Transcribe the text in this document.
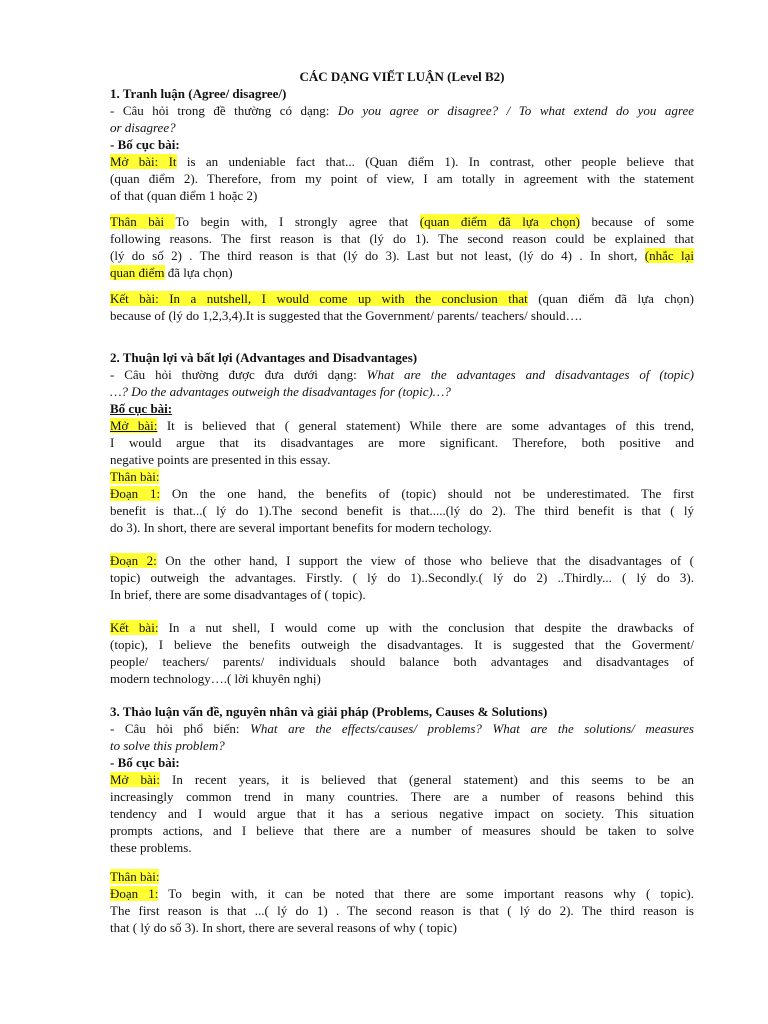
CÁC DẠNG VIẾT LUẬN (Level B2)
1. Tranh luận (Agree/ disagree/)
- Câu hỏi trong đề thường có dạng: Do you agree or disagree? / To what extend do you agree
or disagree?
- Bố cục bài:
Mở bài: It is an undeniable fact that... (Quan điểm 1). In contrast, other people believe that
(quan điểm 2). Therefore, from my point of view, I am totally in agreement with the statement
of that (quan điểm 1 hoặc 2)
Thân bài To begin with, I strongly agree that (quan điểm đã lựa chọn) because of some
following reasons. The first reason is that (lý do 1). The second reason could be explained that
(lý do số 2) . The third reason is that (lý do 3). Last but not least, (lý do 4) . In short, (nhắc lại
quan điểm đã lựa chọn)
Kết bài: In a nutshell, I would come up with the conclusion that (quan điểm đã lựa chọn)
because of (lý do 1,2,3,4).It is suggested that the Government/ parents/ teachers/ should….
2. Thuận lợi và bất lợi (Advantages and Disadvantages)
- Câu hỏi thường được đưa dưới dạng: What are the advantages and disadvantages of (topic)
…? Do the advantages outweigh the disadvantages for (topic)…?
Bố cục bài:
Mở bài: It is believed that ( general statement) While there are some advantages of this trend,
I would argue that its disadvantages are more significant. Therefore, both positive and
negative points are presented in this essay.
Thân bài:
Đoạn 1: On the one hand, the benefits of (topic) should not be underestimated. The first
benefit is that...( lý do 1).The second benefit is that.....(lý do 2). The third benefit is that ( lý
do 3). In short, there are several important benefits for modern techology.
Đoạn 2: On the other hand, I support the view of those who believe that the disadvantages of (
topic) outweigh the advantages. Firstly. ( lý do 1)..Secondly.( lý do 2) ..Thirdly... ( lý do 3).
In brief, there are some disadvantages of ( topic).
Kết bài: In a nut shell, I would come up with the conclusion that despite the drawbacks of
(topic), I believe the benefits outweigh the disadvantages. It is suggested that the Goverment/
people/ teachers/ parents/ individuals should balance both advantages and disadvantages of
modern technology….( lời khuyên nghị)
3. Thảo luận vấn đề, nguyên nhân và giải pháp (Problems, Causes & Solutions)
- Câu hỏi phổ biến: What are the effects/causes/ problems? What are the solutions/ measures
to solve this problem?
- Bố cục bài:
Mở bài: In recent years, it is believed that (general statement) and this seems to be an
increasingly common trend in many countries. There are a number of reasons behind this
tendency and I would argue that it has a serious negative impact on society. This situation
prompts actions, and I believe that there are a number of measures should be taken to solve
these problems.
Thân bài:
Đoạn 1: To begin with, it can be noted that there are some important reasons why ( topic).
The first reason is that ...( lý do 1) . The second reason is that ( lý do 2). The third reason is
that ( lý do số 3). In short, there are several reasons of why ( topic)
